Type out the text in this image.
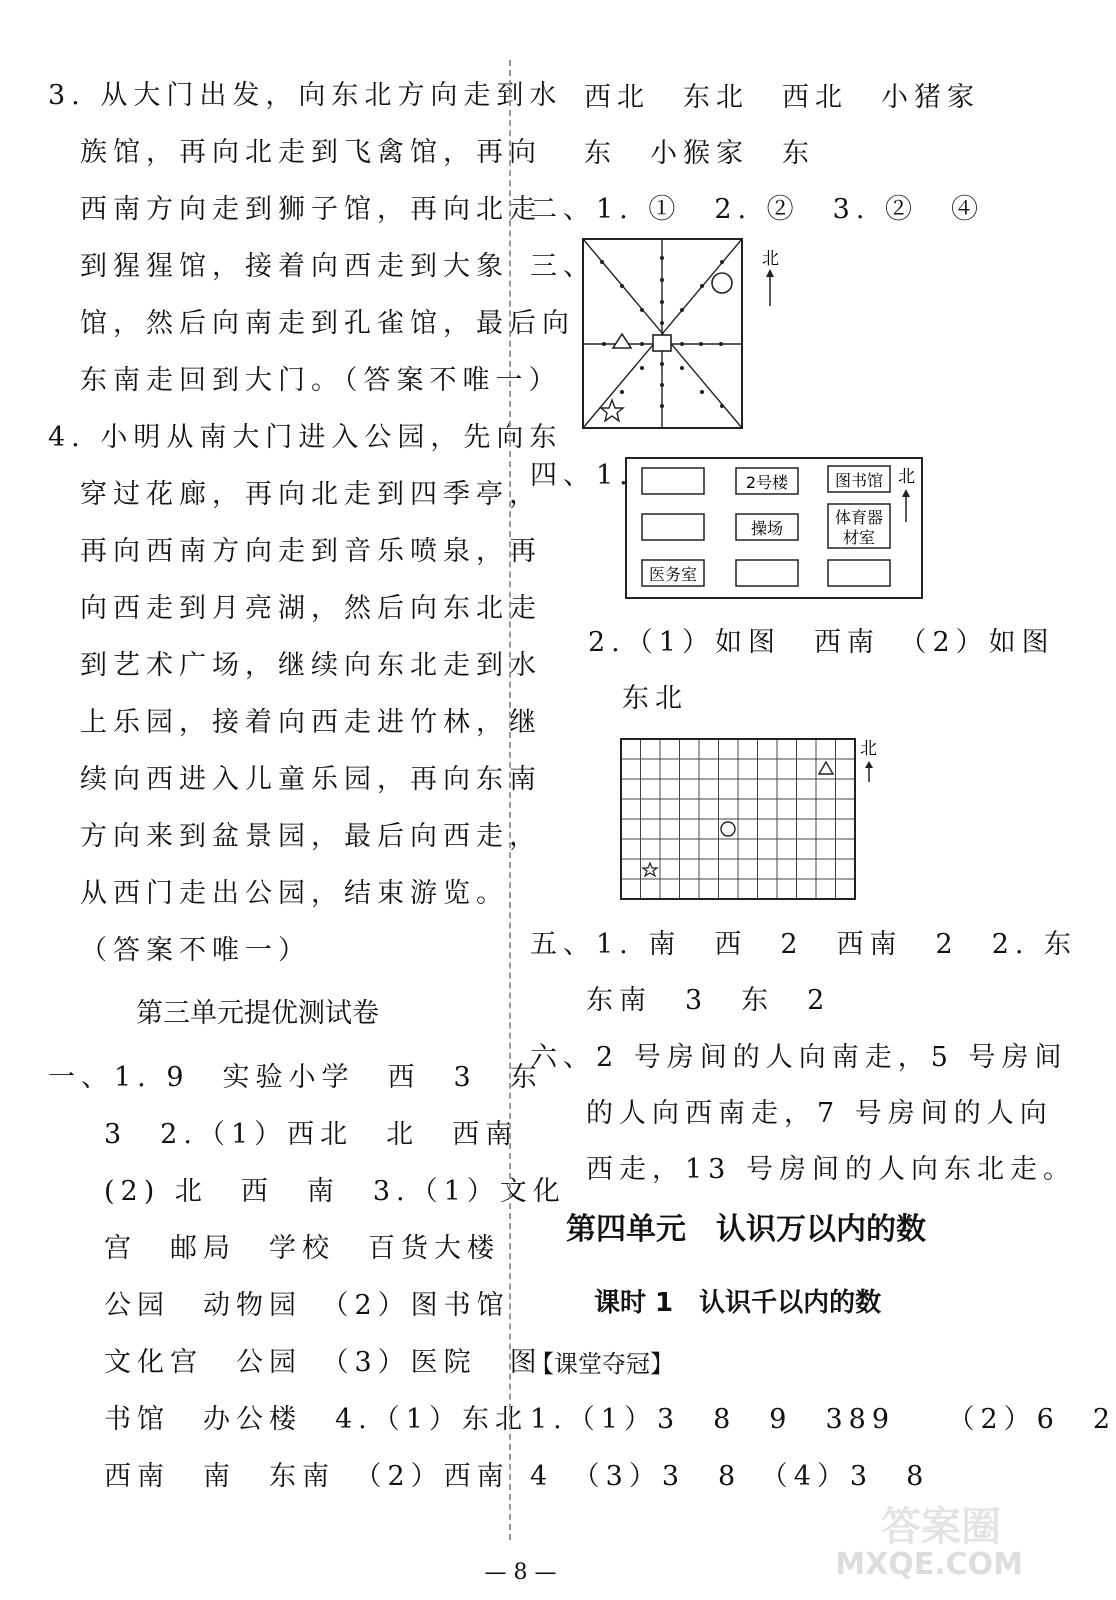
3. 从大门出发，向东北方向走到水
族馆，再向北走到飞禽馆，再向
西南方向走到狮子馆，再向北走
到猩猩馆，接着向西走到大象
馆，然后向南走到孔雀馆，最后向
东南走回到大门。（答案不唯一）
4. 小明从南大门进入公园，先向东
穿过花廊，再向北走到四季亭，
再向西南方向走到音乐喷泉，再
向西走到月亮湖，然后向东北走
到艺术广场，继续向东北走到水
上乐园，接着向西走进竹林，继
续向西进入儿童乐园，再向东南
方向来到盆景园，最后向西走，
从西门走出公园，结束游览。
（答案不唯一）
第三单元提优测试卷
一、1. 9　实验小学　西　3　东
3　2.（1）西北　北　西南
(2) 北　西　南　3.（1）文化
宫　邮局　学校　百货大楼
公园　动物园　（2）图书馆
文化宫　公园　（3）医院　图
书馆　办公楼　4.（1）东北
西南　南　东南　（2）西南
西北　东北　西北　小猪家
东　小猴家　东
二、1. ①　2. ②　3. ②　④
三、	北
四、1.	2号楼	图书馆
操场
体育器
材室
医务室
北
2.（1）如图　西南　（2）如图
东北
北
五、1. 南　西　2　西南　2　2. 东
东南　3　东　2
六、2 号房间的人向南走，5 号房间
的人向西南走，7 号房间的人向
西走，13 号房间的人向东北走。
第四单元　认识万以内的数
课时 1　认识千以内的数
【课堂夺冠】
1.（1）3　8　9　389　　（2）6　2
4　（3）3　8　（4）3　8
— 8 —
答案圈
MXQE.COM
